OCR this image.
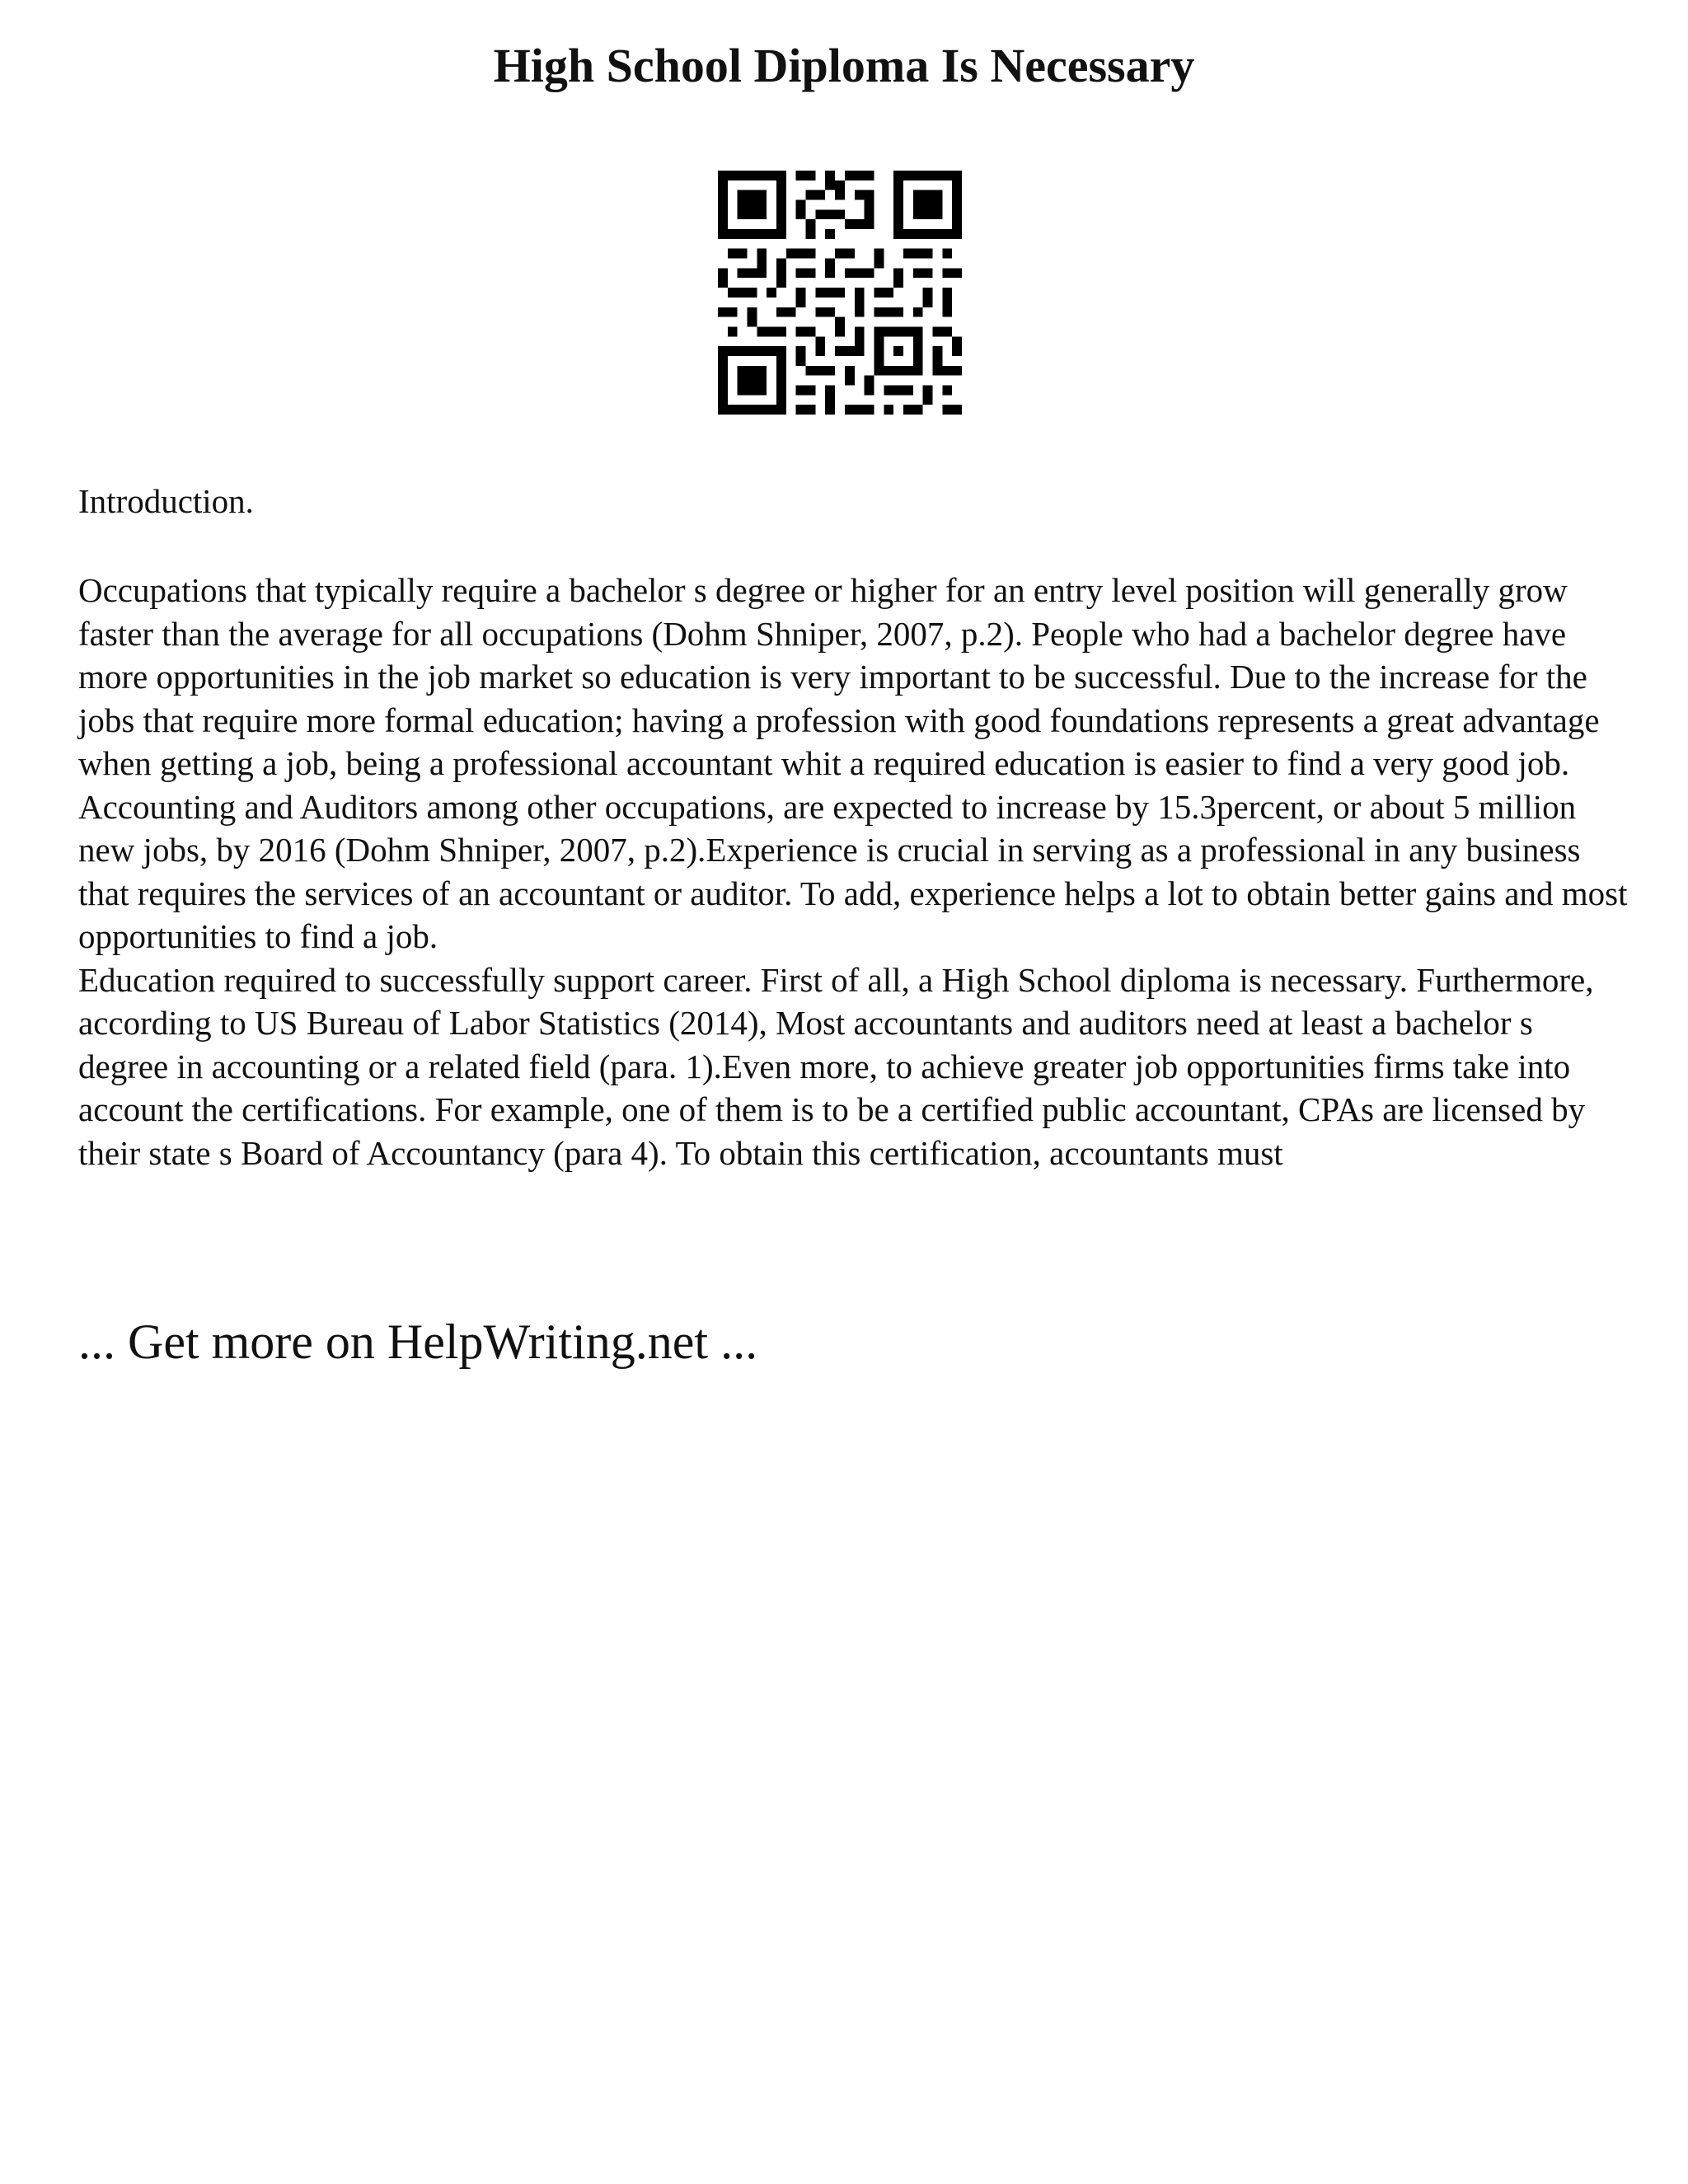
High School Diploma Is Necessary
Introduction.

Occupations that typically require a bachelor s degree or higher for an entry level position will generally grow faster than the average for all occupations (Dohm Shniper, 2007, p.2). People who had a bachelor degree have more opportunities in the job market so education is very important to be successful. Due to the increase for the jobs that require more formal education; having a profession with good foundations represents a great advantage when getting a job, being a professional accountant whit a required education is easier to find a very good job. Accounting and Auditors among other occupations, are expected to increase by 15.3percent, or about 5 million new jobs, by 2016 (Dohm Shniper, 2007, p.2).Experience is crucial in serving as a professional in any business that requires the services of an accountant or auditor. To add, experience helps a lot to obtain better gains and most opportunities to find a job.

Education required to successfully support career. First of all, a High School diploma is necessary. Furthermore, according to US Bureau of Labor Statistics (2014), Most accountants and auditors need at least a bachelor s degree in accounting or a related field (para. 1).Even more, to achieve greater job opportunities firms take into account the certifications. For example, one of them is to be a certified public accountant, CPAs are licensed by their state s Board of Accountancy (para 4). To obtain this certification, accountants must

... Get more on HelpWriting.net ...
